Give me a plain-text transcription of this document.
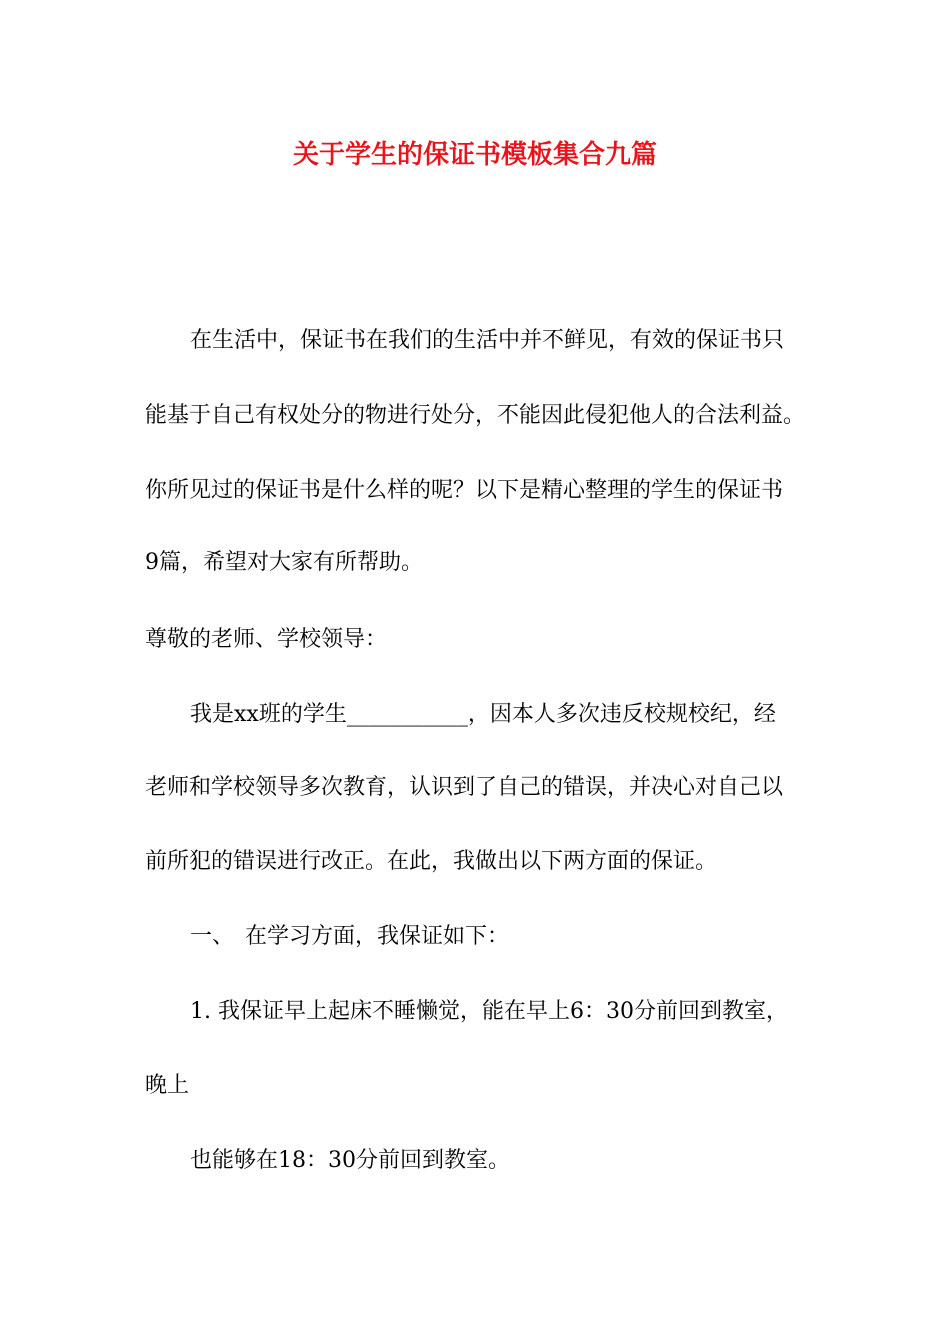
关于学生的保证书模板集合九篇
在生活中，保证书在我们的生活中并不鲜见，有效的保证书只
能基于自己有权处分的物进行处分，不能因此侵犯他人的合法利益。
你所见过的保证书是什么样的呢？以下是精心整理的学生的保证书
9篇，希望对大家有所帮助。
尊敬的老师、学校领导：
我是xx班的学生___________，因本人多次违反校规校纪，经
老师和学校领导多次教育，认识到了自己的错误，并决心对自己以
前所犯的错误进行改正。在此，我做出以下两方面的保证。
一、　在学习方面，我保证如下：
1. 我保证早上起床不睡懒觉，能在早上6：30分前回到教室，
晚上
也能够在18：30分前回到教室。
